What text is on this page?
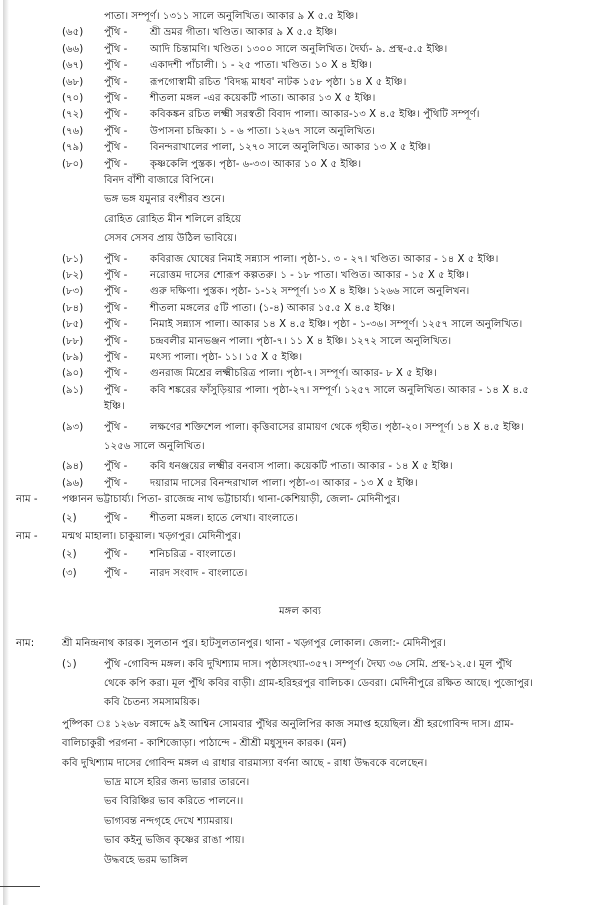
পাতা। সম্পূর্ণ। ১৩১১ সালে অনুলিখিত। আকার ৯ X ৫.৫ ইঞ্চি।
(৬৫) পুঁথি - শ্রী ভ্রমর গীতা। খণ্ডিত। আকার ৯ X ৫.৫ ইঞ্চি।
(৬৬) পুঁথি - আদি চিন্তামণি। খণ্ডিত। ১৩০০ সালে অনুলিখিত। দৈর্ঘ্য- ৯. প্রস্থ-৫.৫ ইঞ্চি।
(৬৭) পুঁথি - একাদশী পাঁচালী। ১ - ২৫ পাতা। খণ্ডিত। ১০ X ৪ ইঞ্চি।
(৬৮) পুঁথি - রূপগোস্বামী রচিত 'বিদগ্ধ মাধব' নাটক ১৫৮ পৃষ্ঠা। ১৪ X ৫ ইঞ্চি।
(৭০) পুঁথি - শীতলা মঙ্গল -এর কয়েকটি পাতা। আকার ১৩ X ৫ ইঞ্চি।
(৭২) পুঁথি - কবিকঙ্কন রচিত লক্ষ্মী সরস্বতী বিবাদ পালা। আকার-১৩ X ৪.৫ ইঞ্চি। পুঁথিটি সম্পূর্ণ।
(৭৬) পুঁথি - উপাসনা চন্দ্রিকা। ১ - ৬ পাতা। ১২৬৭ সালে অনুলিখিত।
(৭৯) পুঁথি - বিনন্দরাখালের পালা, ১২৭০ সালে অনুলিখিত। আকার ১৩ X ৫ ইঞ্চি।
(৮০) পুঁথি - কৃষ্ণকেলি পুস্তক। পৃষ্ঠা- ৬-৩৩। আকার ১০ X ৫ ইঞ্চি।
বিনদ বাঁশী বাজারে বিপিনে।
ভঙ্গ ভঙ্গ যমুনার বংশীরব শুনে।
রোহিত রোহিত মীন শলিলে রহিয়ে
সেসব সেসব প্রায় উঠিল ভাবিয়ে।
(৮১) পুঁথি - কবিরাজ ঘোষের নিমাই সন্ন্যাস পালা। পৃষ্ঠা-১. ৩ - ২৭। খণ্ডিত। আকার - ১৪ X ৫ ইঞ্চি।
(৮২) পুঁথি - নরোত্তম দাসের শোরূপ কল্পতরু। ১ - ১৮ পাতা। খণ্ডিত। আকার - ১৫ X ৫ ইঞ্চি।
(৮৩) পুঁথি - গুরু দক্ষিণা। পুস্তক। পৃষ্ঠা- ১-১২ সম্পূর্ণ। ১৩ X ৪ ইঞ্চি। ১২৬৬ সালে অনুলিখন।
(৮৪) পুঁথি - শীতলা মঙ্গলের ৫টি পাতা। (১-৪) আকার ১৫.৫ X ৪.৫ ইঞ্চি।
(৮৫) পুঁথি - নিমাই সন্ন্যাস পালা। আকার ১৪ X ৪.৫ ইঞ্চি। পৃষ্ঠা - ১-৩৬। সম্পূর্ণ। ১২৫৭ সালে অনুলিখিত।
(৮৮) পুঁথি - চন্দ্রবলীর মানভঞ্জন পালা। পৃষ্ঠা-৭। ১১ X ৪ ইঞ্চি। ১২৭২ সালে অনুলিখিত।
(৮৯) পুঁথি - মৎস্য পালা। পৃষ্ঠা- ১১। ১৫ X ৫ ইঞ্চি।
(৯০) পুঁথি - গুনরাজ মিশ্রের লক্ষ্মীচরিত্র পালা। পৃষ্ঠা-৭। সম্পূর্ণ। আকার- ৮ X ৫ ইঞ্চি।
(৯১) পুঁথি - কবি শঙ্করের ফাঁসুড়িয়ার পালা। পৃষ্ঠা-২৭। সম্পূর্ণ। ১২৫৭ সালে অনুলিখিত। আকার - ১৪ X ৪.৫
ইঞ্চি।
(৯৩) পুঁথি - লক্ষণের শক্তিশেল পালা। কৃত্তিবাসের রামায়ণ থেকে গৃহীত। পৃষ্ঠা-২০। সম্পূর্ণ। ১৪ X ৪.৫ ইঞ্চি।
১২৫৬ সালে অনুলিখিত।
(৯৪) পুঁথি - কবি ধনঞ্জয়ের লক্ষ্মীর বনবাস পালা। কয়েকটি পাতা। আকার - ১৪ X ৫ ইঞ্চি।
(৯৬) পুঁথি - দয়ারাম দাসের বিনন্দরাখাল পালা। পৃষ্ঠা-৩। আকার - ১৩ X ৫ ইঞ্চি।
নাম - পঞ্চানন ভট্টাচার্য্য। পিতা- রাজেন্দ্র নাথ ভট্টাচার্য্য। থানা-কেশিয়াড়ী, জেলা- মেদিনীপুর।
(২)	পুঁথি - শীতলা মঙ্গল। হাতে লেখা। বাংলাতে।
নাম - মন্মথ মাহালা। চাকুয়াল। খড়্গপুর। মেদিনীপুর।
(২)	পুঁথি - শনিচরিত্র - বাংলাতে।
(৩)	পুঁথি - নারদ সংবাদ - বাংলাতে।
মঙ্গল কাব্য
নাম:	শ্রী মনিন্দ্রনাথ কারক। সুলতান পুর। হাটসুলতানপুর। থানা - খড়্গপুর লোকাল। জেলা:- মেদিনীপুর।
(১)	পুঁথি -গোবিন্দ মঙ্গল। কবি দুখিশ্যাম দাস। পৃষ্ঠাসংখ্যা-৩৫৭। সম্পূর্ণ। দৈঘ্য ৩৬ সেমি. প্রস্থ-১২.৫। মূল পুঁথি
থেকে কপি করা। মূল পুঁথি কবির বাড়ী। গ্রাম-হরিহরপুর বালিচক। ডেবরা। মেদিনীপুরে রক্ষিত আছে। পুজোপুর।
কবি চৈতন্য সমসাময়িক।
পুষ্পিকা ঃ ১২৬৮ বঙ্গাব্দে ৯ই আশ্বিন সোমবার পুঁথির অনুলিপির কাজ সমাপ্ত হয়েছিল। শ্রী হরগোবিন্দ দাস। গ্রাম-
বালিচাকুরী পরগনা - কাশিজোড়া। পাঠান্দে - শ্রীশ্রী মধুসুদন কারক। (মন)
কবি দুখিশ্যাম দাসের গোবিন্দ মঙ্গল এ রাধার বারমাস্যা বর্ণনা আছে - রাধা উদ্ধবকে বলেছেন।
ভাদ্র মাসে হরির জন্য ভারার তারনে।
ভব বিরিঞ্চির ভাব করিতে পালনে।।
ভাগ্যবন্ত নন্দগৃহে দেখে শ্যামরায়।
ভাব কইনু ভজিব কৃষ্ণের রাঙা পায়।
উদ্ধবহে ভরম ভাঙ্গিল
